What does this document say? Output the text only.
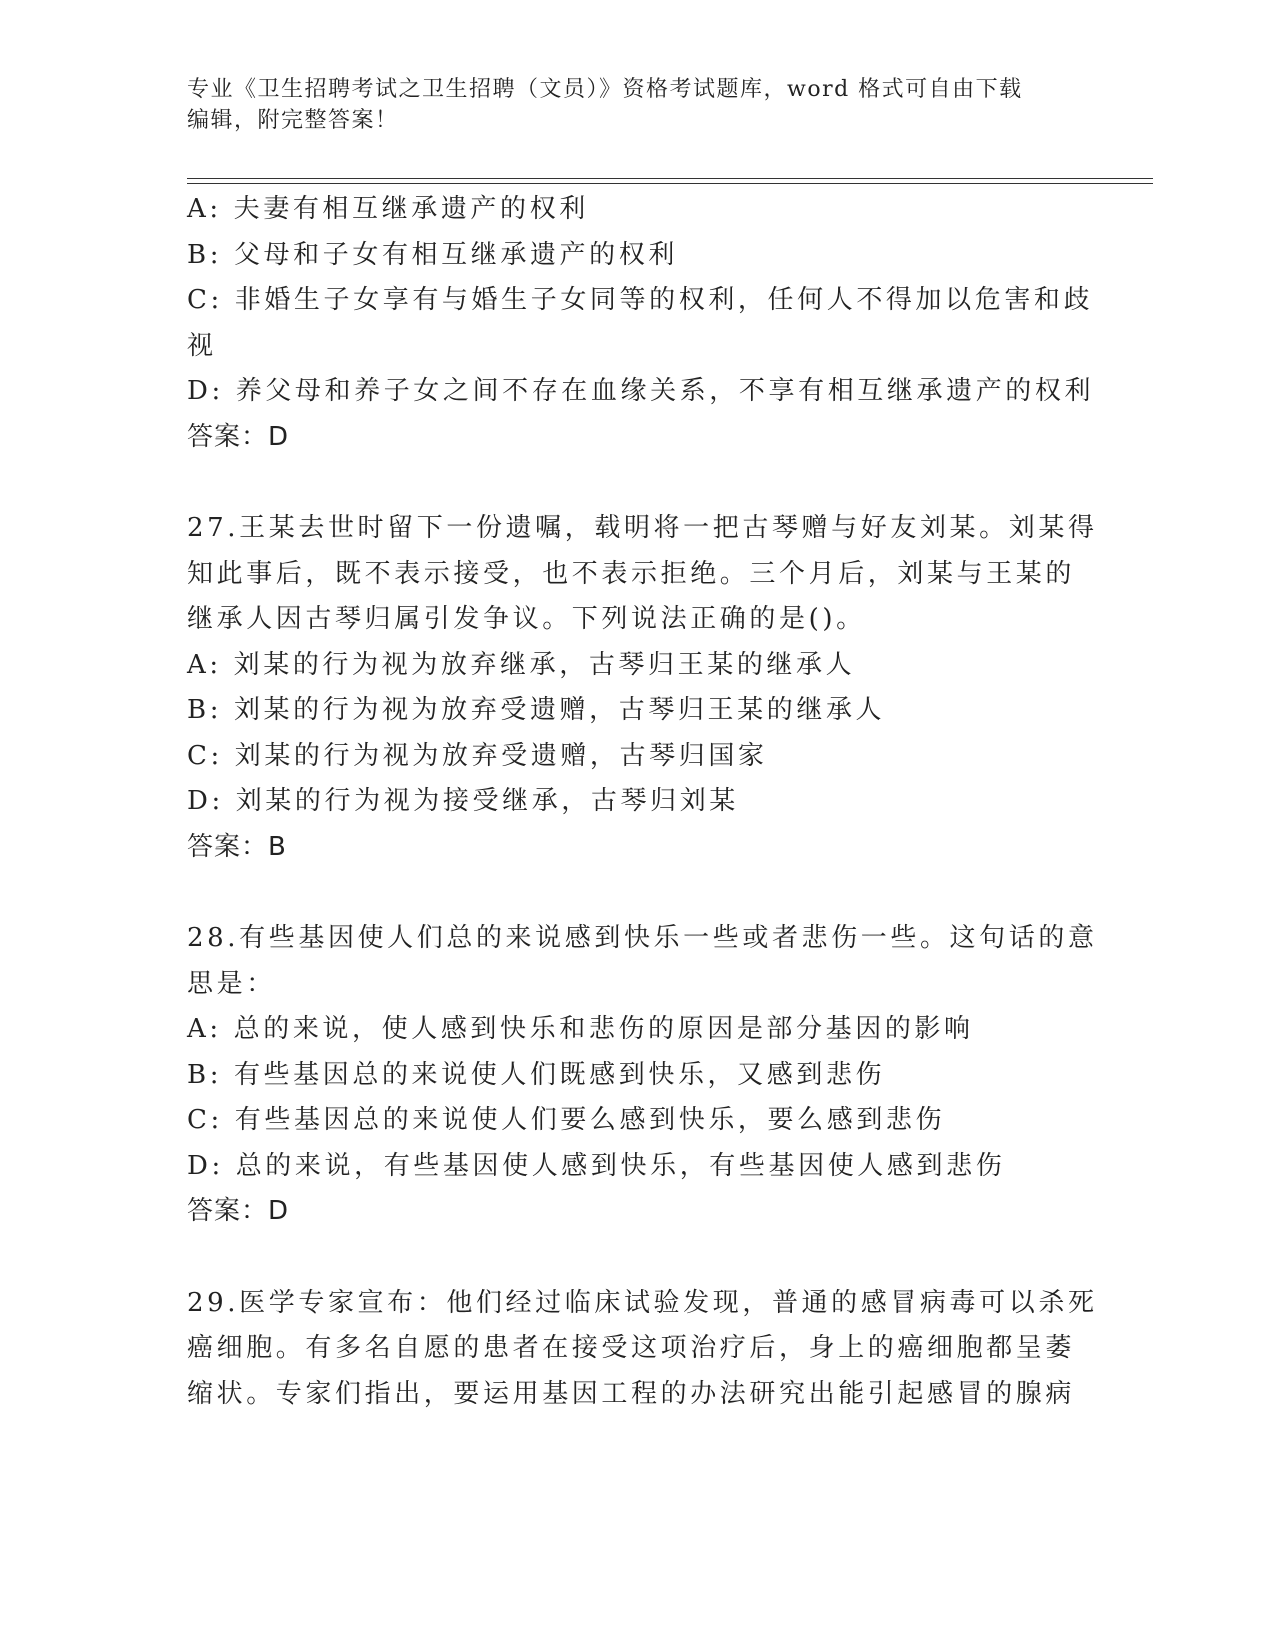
专业《卫生招聘考试之卫生招聘（文员）》资格考试题库，word 格式可自由下载
编辑，附完整答案！
A: 夫妻有相互继承遗产的权利
B: 父母和子女有相互继承遗产的权利
C: 非婚生子女享有与婚生子女同等的权利，任何人不得加以危害和歧
视
D: 养父母和养子女之间不存在血缘关系，不享有相互继承遗产的权利
答案：D
27.王某去世时留下一份遗嘱，载明将一把古琴赠与好友刘某。刘某得
知此事后，既不表示接受，也不表示拒绝。三个月后，刘某与王某的
继承人因古琴归属引发争议。下列说法正确的是()。
A: 刘某的行为视为放弃继承，古琴归王某的继承人
B: 刘某的行为视为放弃受遗赠，古琴归王某的继承人
C: 刘某的行为视为放弃受遗赠，古琴归国家
D: 刘某的行为视为接受继承，古琴归刘某
答案：B
28.有些基因使人们总的来说感到快乐一些或者悲伤一些。这句话的意
思是：
A: 总的来说，使人感到快乐和悲伤的原因是部分基因的影响
B: 有些基因总的来说使人们既感到快乐，又感到悲伤
C: 有些基因总的来说使人们要么感到快乐，要么感到悲伤
D: 总的来说，有些基因使人感到快乐，有些基因使人感到悲伤
答案：D
29.医学专家宣布：他们经过临床试验发现，普通的感冒病毒可以杀死
癌细胞。有多名自愿的患者在接受这项治疗后，身上的癌细胞都呈萎
缩状。专家们指出，要运用基因工程的办法研究出能引起感冒的腺病
